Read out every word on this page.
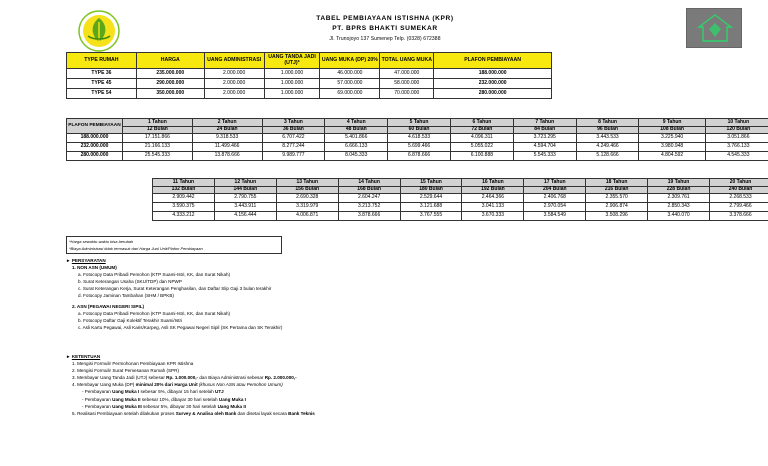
TABEL PEMBIAYAAN ISTISHNA (KPR)
PT. BPRS BHAKTI SUMEKAR
Jl. Trunojoyo 137 Sumenep Telp. (0328) 672388
TYPE RUMAH	HARGA	UANG ADMINISTRASI	UANG TANDA JADI (UTJ)*	UANG MUKA (DP) 20%	TOTAL UANG MUKA	PLAFON PEMBIAYAAN
TYPE 36	235.000.000	2.000.000	1.000.000	46.000.000	47.000.000	188.000.000
TYPE 45	290.000.000	2.000.000	1.000.000	57.000.000	58.000.000	232.000.000
TYPE 54	350.000.000	2.000.000	1.000.000	69.000.000	70.000.000	280.000.000
PLAFON PEMBIAYAAN	1 Tahun	2 Tahun	3 Tahun	4 Tahun	5 Tahun	6 Tahun	7 Tahun	8 Tahun	9 Tahun	10 Tahun
	12 Bulan	24 Bulan	36 Bulan	48 Bulan	60 Bulan	72 Bulan	84 Bulan	96 Bulan	108 Bulan	120 Bulan
188.000.000	17.151.866	9.318.533	6.707.422	5.401.866	4.618.533	4.096.311	3.723.295	3.443.533	3.225.940	3.051.866
232.000.000	21.166.133	11.499.466	8.277.244	6.666.133	5.699.466	5.055.022	4.594.704	4.249.466	3.980.948	3.766.133
280.000.000	25.545.333	13.878.666	9.989.777	8.045.333	6.878.666	6.100.888	5.545.333	5.128.666	4.804.592	4.545.333
11 Tahun	12 Tahun	13 Tahun	14 Tahun	15 Tahun	16 Tahun	17 Tahun	18 Tahun	19 Tahun	20 Tahun
132 Bulan	144 Bulan	156 Bulan	168 Bulan	180 Bulan	192 Bulan	204 Bulan	216 Bulan	228 Bulan	240 Bulan
2.909.442	2.790.755	2.690.328	2.604.247	2.529.644	2.464.366	2.406.768	2.355.570	2.309.761	2.268.533
3.590.375	3.443.911	3.319.979	3.213.752	3.121.688	3.041.133	2.970.054	2.906.874	2.850.343	2.799.466
4.333.212	4.156.444	4.006.871	3.878.666	3.767.555	3.670.333	3.584.549	3.508.296	3.440.070	3.378.666
*Harga sewaktu-waktu bisa berubah
*Biaya Administrasi tidak termasuk dari Harga Jual Unit/Plafon Pembiayaan
► PERSYARATAN
1. NON ASN (UMUM)
a. Fotocopy Data Pribadi Pemohon (KTP Suami-Istri, KK, dan Surat Nikah)
b. Surat Keterangan Usaha (SKU/TDP) dan NPWP
c. Surat Keterangan Kerja, Surat Keterangan Penghasilan, dan Daftar Slip Gaji 3 bulan terakhir
d. Fotocopy Jaminan Tambahan (SHM / BPKB)
2. ASN (PEGAWAI NEGERI SIPIL)
a. Fotocopy Data Pribadi Pemohon (KTP Suami-Istri, KK, dan Surat Nikah)
b. Fotocopy Daftar Gaji Kolektif Terakhir Suami/Istri
c. Asli Kartu Pegawai, Asli Karis/Karpeg, Asli SK Pegawai Negeri Sipil (SK Pertama dan SK Terakhir)
► KETENTUAN
1. Mengisi Formulir Permohonan Pembiayaan KPR Istishna
2. Mengisi Formulir Surat Pemesanan Rumah (SPR)
3. Membayar Uang Tanda Jadi (UTJ) sebesar Rp. 1.000.000,- dan Biaya Administrasi sebesar Rp. 2.000.000,-
4. Membayar Uang Muka (DP) minimal 20% dari Harga Unit (khusus Non ASN atau Pemohon Umum)
- Pembayaran Uang Muka I sebesar 5%, dibayar 15 hari setelah UTJ
- Pembayaran Uang Muka II sebesar 10%, dibayar 30 hari setelah Uang Muka I
- Pembayaran Uang Muka III sebesar 5%, dibayar 30 hari setelah Uang Muka II
5. Realisasi Pembiayaan setelah dilakukan proses Survey & Analisa oleh Bank dan disetai layak secara Bank Teknis
